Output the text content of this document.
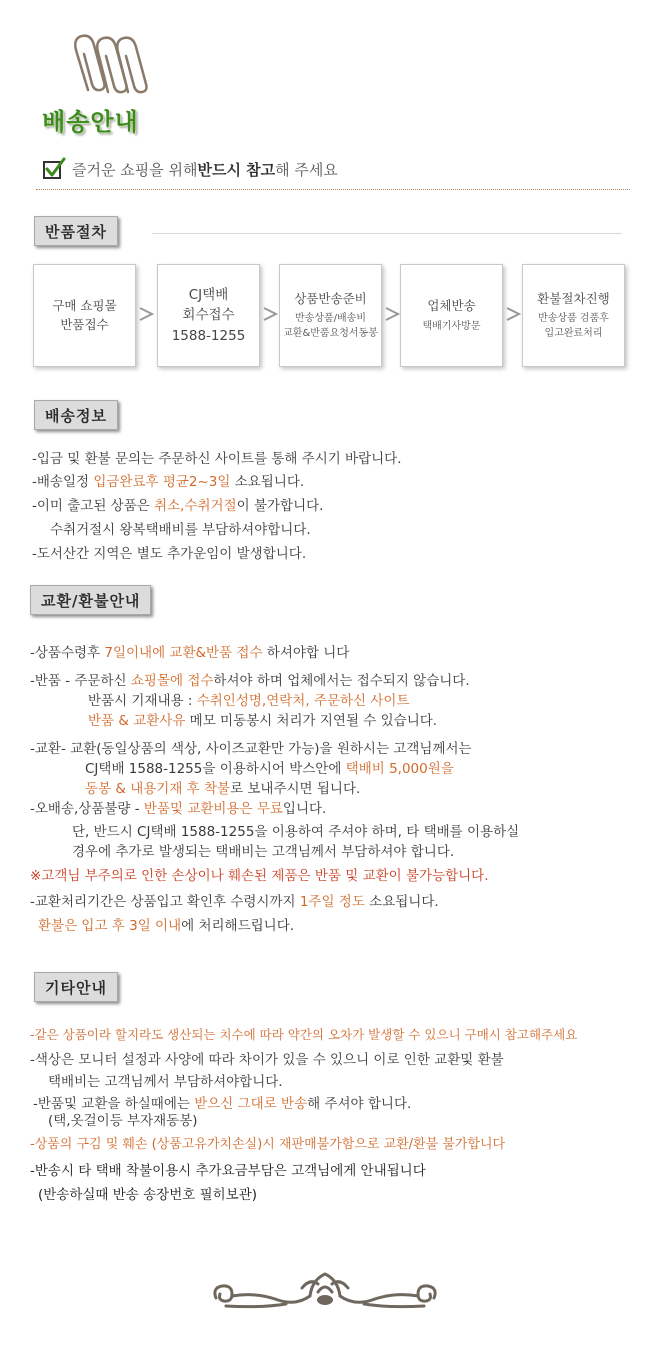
배송안내
즐거운 쇼핑을 위해 반드시 참고 해 주세요
반품절차
구매 쇼핑몰
반품접수
CJ택배
회수접수
1588-1255
상품반송준비
반송상품/배송비
교환&반품요청서동봉
업체반송
택배기사방문
환불절차진행
반송상품 검품후
입고완료처리
배송정보
-입금 및 환불 문의는 주문하신 사이트를 통해 주시기 바랍니다.
-배송일정 입금완료후 평균2~3일 소요됩니다.
-이미 출고된 상품은 취소,수취거절이 불가합니다.
수취거절시 왕복택배비를 부담하셔야합니다.
-도서산간 지역은 별도 추가운임이 발생합니다.
교환/환불안내
-상품수령후 7일이내에 교환&반품 접수 하셔야합 니다
-반품 - 주문하신 쇼핑몰에 접수하셔야 하며 업체에서는 접수되지 않습니다.
반품시 기재내용 : 수취인성명,연락처, 주문하신 사이트
반품 & 교환사유 메모 미동봉시 처리가 지연될 수 있습니다.
-교환- 교환(동일상품의 색상, 사이즈교환만 가능)을 원하시는 고객님께서는
CJ택배 1588-1255을 이용하시어 박스안에 택배비 5,000원을
동봉 & 내용기재 후 착불로 보내주시면 됩니다.
-오배송,상품불량 - 반품및 교환비용은 무료입니다.
단, 반드시 CJ택배 1588-1255을 이용하여 주셔야 하며, 타 택배를 이용하실
경우에 추가로 발생되는 택배비는 고객님께서 부담하셔야 합니다.
※고객님 부주의로 인한 손상이나 훼손된 제품은 반품 및 교환이 불가능합니다.
-교환처리기간은 상품입고 확인후 수령시까지 1주일 정도 소요됩니다.
환불은 입고 후 3일 이내에 처리해드립니다.
기타안내
-같은 상품이라 할지라도 생산되는 치수에 따라 약간의 오차가 발생할 수 있으니 구매시 참고해주세요
-색상은 모니터 설정과 사양에 따라 차이가 있을 수 있으니 이로 인한 교환및 환불
택배비는 고객님께서 부담하셔야합니다.
-반품및 교환을 하실때에는 받으신 그대로 반송해 주셔야 합니다.
(택,옷걸이등 부자재동봉)
-상품의 구김 및 훼손 (상품고유가치손실)시 재판매불가함으로 교환/환불 불가합니다
-반송시 타 택배 착불이용시 추가요금부담은 고객님에게 안내됩니다
(반송하실때 반송 송장번호 필히보관)
